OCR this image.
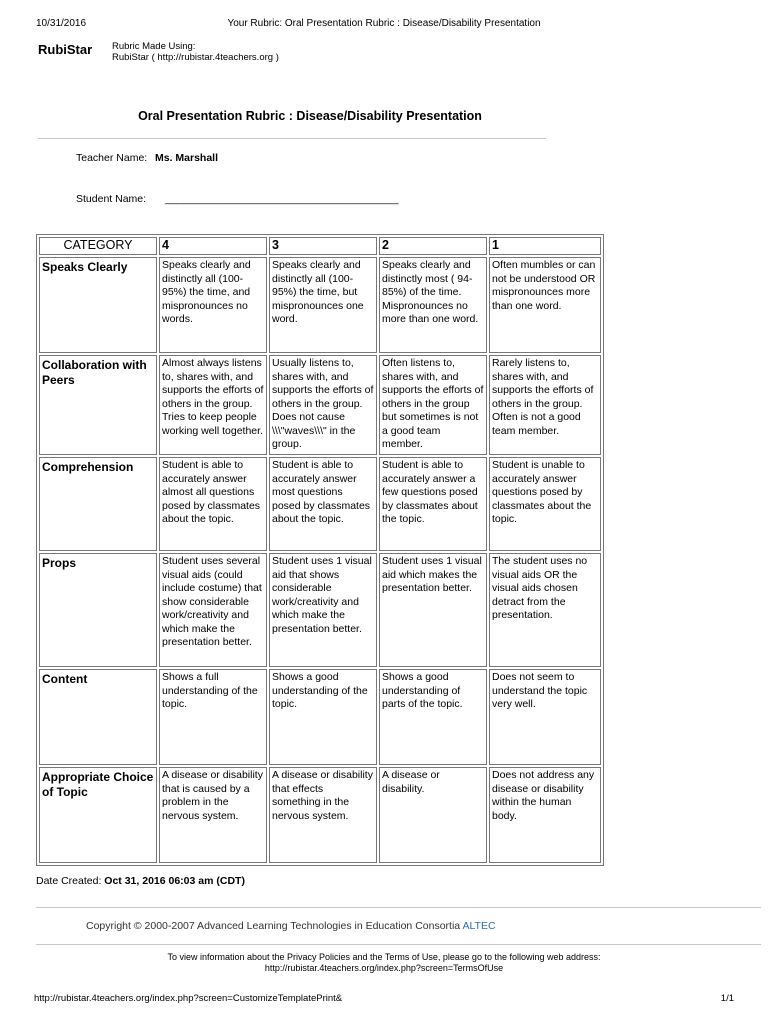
10/31/2016	Your Rubric: Oral Presentation Rubric : Disease/Disability Presentation
RubiStar Rubric Made Using:
RubiStar ( http://rubistar.4teachers.org )
Oral Presentation Rubric : Disease/Disability Presentation
Teacher Name: Ms. Marshall
Student Name: ________________________________________
CATEGORY	4	3	2	1
Speaks Clearly	Speaks clearly and distinctly all (100-95%) the time, and mispronounces no words.	Speaks clearly and distinctly all (100-95%) the time, but mispronounces one word.	Speaks clearly and distinctly most ( 94-85%) of the time. Mispronounces no more than one word.	Often mumbles or can not be understood OR mispronounces more than one word.
Collaboration with Peers	Almost always listens to, shares with, and supports the efforts of others in the group. Tries to keep people working well together.	Usually listens to, shares with, and supports the efforts of others in the group. Does not cause \\\"waves\\\" in the group.	Often listens to, shares with, and supports the efforts of others in the group but sometimes is not a good team member.	Rarely listens to, shares with, and supports the efforts of others in the group. Often is not a good team member.
Comprehension	Student is able to accurately answer almost all questions posed by classmates about the topic.	Student is able to accurately answer most questions posed by classmates about the topic.	Student is able to accurately answer a few questions posed by classmates about the topic.	Student is unable to accurately answer questions posed by classmates about the topic.
Props	Student uses several visual aids (could include costume) that show considerable work/creativity and which make the presentation better.	Student uses 1 visual aid that shows considerable work/creativity and which make the presentation better.	Student uses 1 visual aid which makes the presentation better.	The student uses no visual aids OR the visual aids chosen detract from the presentation.
Content	Shows a full understanding of the topic.	Shows a good understanding of the topic.	Shows a good understanding of parts of the topic.	Does not seem to understand the topic very well.
Appropriate Choice of Topic	A disease or disability that is caused by a problem in the nervous system.	A disease or disability that effects something in the nervous system.	A disease or disability.	Does not address any disease or disability within the human body.
Date Created: Oct 31, 2016 06:03 am (CDT)
Copyright © 2000-2007 Advanced Learning Technologies in Education Consortia ALTEC
To view information about the Privacy Policies and the Terms of Use, please go to the following web address:
http://rubistar.4teachers.org/index.php?screen=TermsOfUse
http://rubistar.4teachers.org/index.php?screen=CustomizeTemplatePrint&	1/1
